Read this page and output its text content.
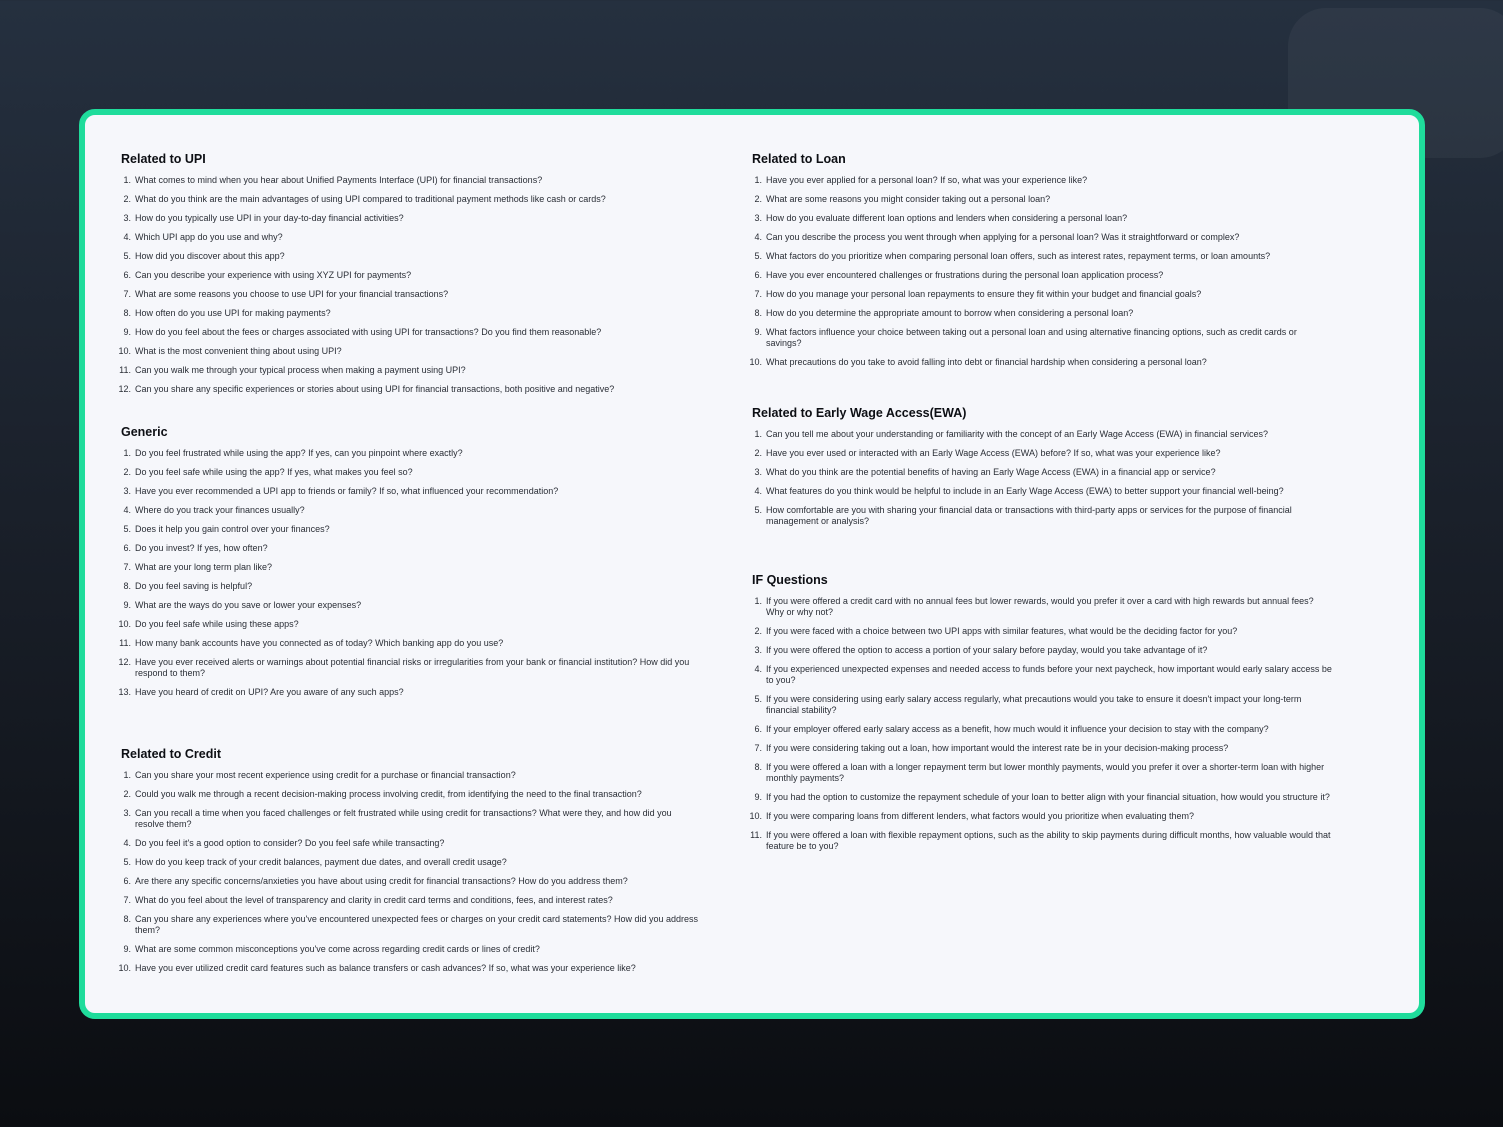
Related to UPI
1. What comes to mind when you hear about Unified Payments Interface (UPI) for financial transactions?
2. What do you think are the main advantages of using UPI compared to traditional payment methods like cash or cards?
3. How do you typically use UPI in your day-to-day financial activities?
4. Which UPI app do you use and why?
5. How did you discover about this app?
6. Can you describe your experience with using XYZ UPI for payments?
7. What are some reasons you choose to use UPI for your financial transactions?
8. How often do you use UPI for making payments?
9. How do you feel about the fees or charges associated with using UPI for transactions? Do you find them reasonable?
10. What is the most convenient thing about using UPI?
11. Can you walk me through your typical process when making a payment using UPI?
12. Can you share any specific experiences or stories about using UPI for financial transactions, both positive and negative?
Generic
1. Do you feel frustrated while using the app? If yes, can you pinpoint where exactly?
2. Do you feel safe while using the app? If yes, what makes you feel so?
3. Have you ever recommended a UPI app to friends or family? If so, what influenced your recommendation?
4. Where do you track your finances usually?
5. Does it help you gain control over your finances?
6. Do you invest? If yes, how often?
7. What are your long term plan like?
8. Do you feel saving is helpful?
9. What are the ways do you save or lower your expenses?
10. Do you feel safe while using these apps?
11. How many bank accounts have you connected as of today? Which banking app do you use?
12. Have you ever received alerts or warnings about potential financial risks or irregularities from your bank or financial institution? How did you respond to them?
13. Have you heard of credit on UPI? Are you aware of any such apps?
Related to Credit
1. Can you share your most recent experience using credit for a purchase or financial transaction?
2. Could you walk me through a recent decision-making process involving credit, from identifying the need to the final transaction?
3. Can you recall a time when you faced challenges or felt frustrated while using credit for transactions? What were they, and how did you resolve them?
4. Do you feel it's a good option to consider? Do you feel safe while transacting?
5. How do you keep track of your credit balances, payment due dates, and overall credit usage?
6. Are there any specific concerns/anxieties you have about using credit for financial transactions? How do you address them?
7. What do you feel about the level of transparency and clarity in credit card terms and conditions, fees, and interest rates?
8. Can you share any experiences where you've encountered unexpected fees or charges on your credit card statements? How did you address them?
9. What are some common misconceptions you've come across regarding credit cards or lines of credit?
10. Have you ever utilized credit card features such as balance transfers or cash advances? If so, what was your experience like?
Related to Loan
1. Have you ever applied for a personal loan? If so, what was your experience like?
2. What are some reasons you might consider taking out a personal loan?
3. How do you evaluate different loan options and lenders when considering a personal loan?
4. Can you describe the process you went through when applying for a personal loan? Was it straightforward or complex?
5. What factors do you prioritize when comparing personal loan offers, such as interest rates, repayment terms, or loan amounts?
6. Have you ever encountered challenges or frustrations during the personal loan application process?
7. How do you manage your personal loan repayments to ensure they fit within your budget and financial goals?
8. How do you determine the appropriate amount to borrow when considering a personal loan?
9. What factors influence your choice between taking out a personal loan and using alternative financing options, such as credit cards or savings?
10. What precautions do you take to avoid falling into debt or financial hardship when considering a personal loan?
Related to Early Wage Access(EWA)
1. Can you tell me about your understanding or familiarity with the concept of an Early Wage Access (EWA) in financial services?
2. Have you ever used or interacted with an Early Wage Access (EWA) before? If so, what was your experience like?
3. What do you think are the potential benefits of having an Early Wage Access (EWA) in a financial app or service?
4. What features do you think would be helpful to include in an Early Wage Access (EWA) to better support your financial well-being?
5. How comfortable are you with sharing your financial data or transactions with third-party apps or services for the purpose of financial management or analysis?
IF Questions
1. If you were offered a credit card with no annual fees but lower rewards, would you prefer it over a card with high rewards but annual fees? Why or why not?
2. If you were faced with a choice between two UPI apps with similar features, what would be the deciding factor for you?
3. If you were offered the option to access a portion of your salary before payday, would you take advantage of it?
4. If you experienced unexpected expenses and needed access to funds before your next paycheck, how important would early salary access be to you?
5. If you were considering using early salary access regularly, what precautions would you take to ensure it doesn't impact your long-term financial stability?
6. If your employer offered early salary access as a benefit, how much would it influence your decision to stay with the company?
7. If you were considering taking out a loan, how important would the interest rate be in your decision-making process?
8. If you were offered a loan with a longer repayment term but lower monthly payments, would you prefer it over a shorter-term loan with higher monthly payments?
9. If you had the option to customize the repayment schedule of your loan to better align with your financial situation, how would you structure it?
10. If you were comparing loans from different lenders, what factors would you prioritize when evaluating them?
11. If you were offered a loan with flexible repayment options, such as the ability to skip payments during difficult months, how valuable would that feature be to you?
